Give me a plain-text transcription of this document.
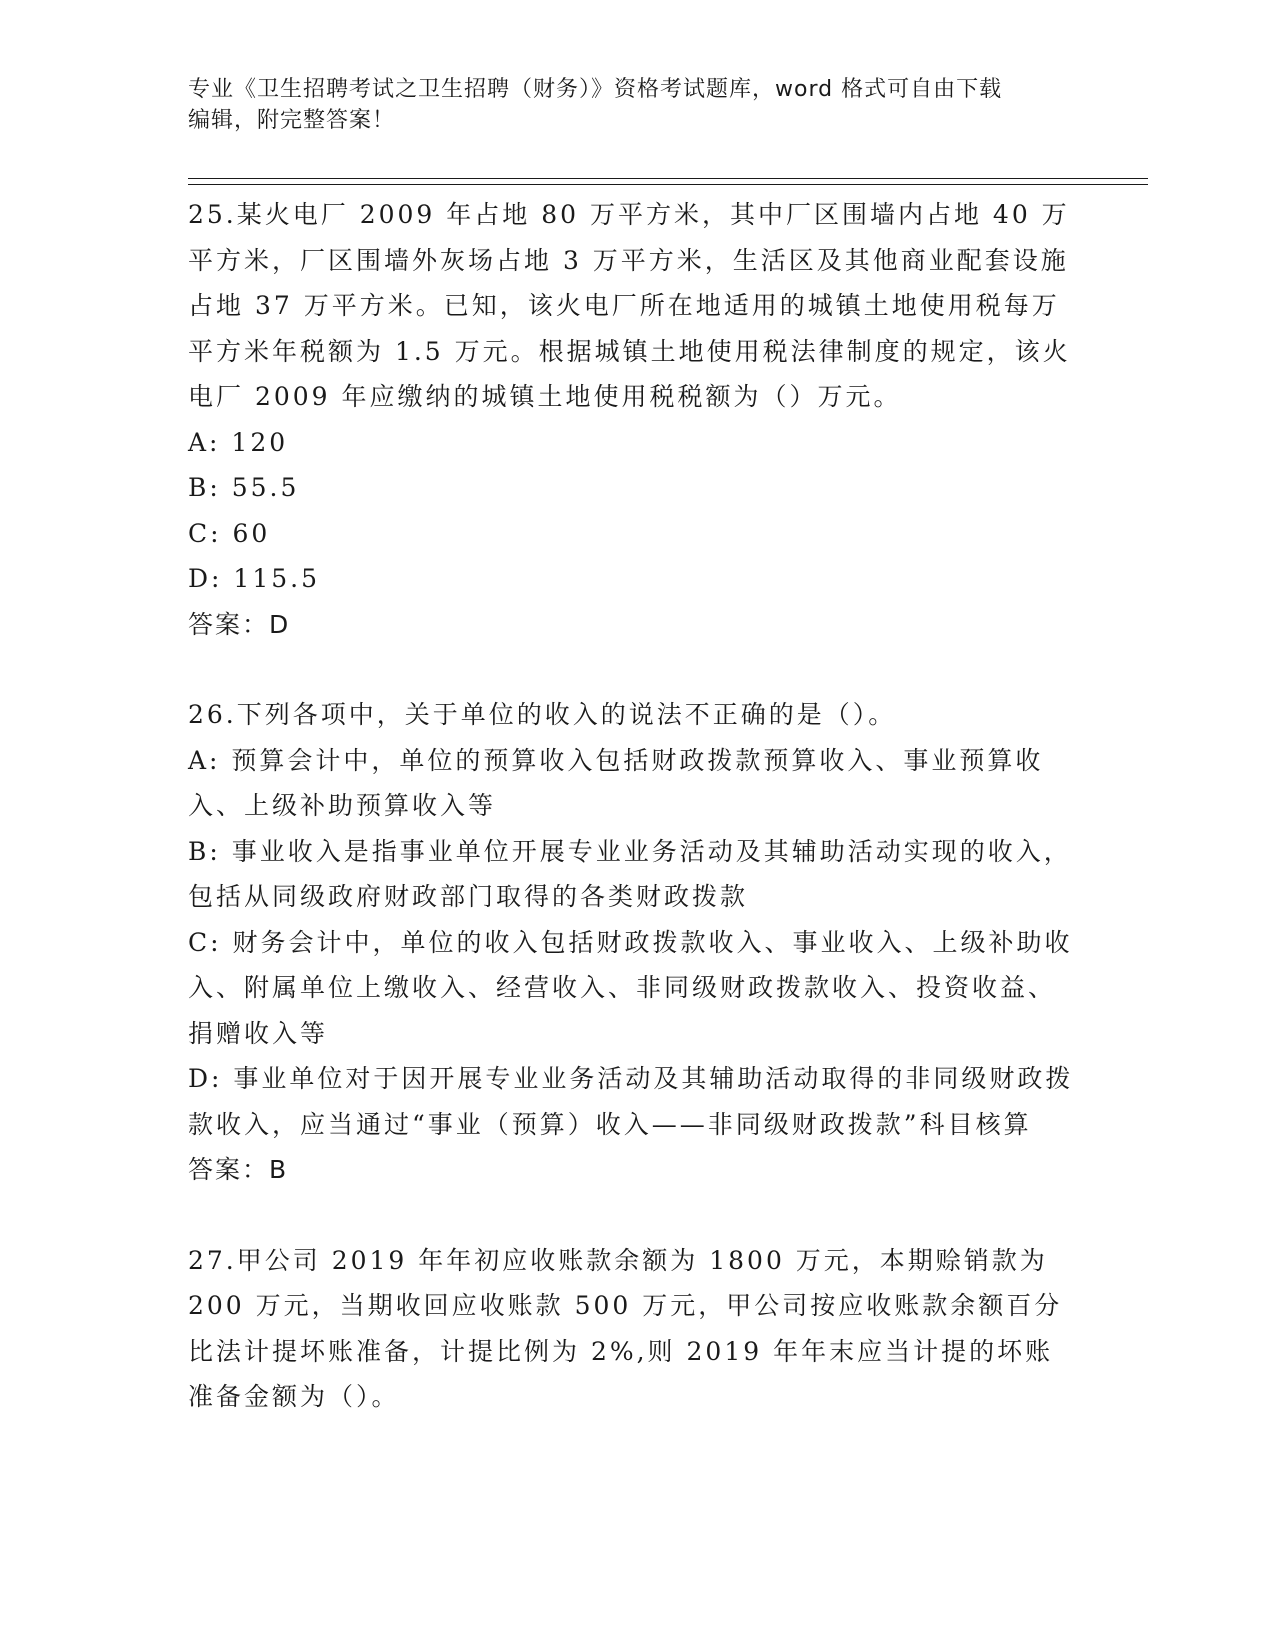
专业《卫生招聘考试之卫生招聘（财务）》资格考试题库，word 格式可自由下载
编辑，附完整答案！

25.某火电厂 2009 年占地 80 万平方米，其中厂区围墙内占地 40 万平方米，厂区围墙外灰场占地 3 万平方米，生活区及其他商业配套设施占地 37 万平方米。已知，该火电厂所在地适用的城镇土地使用税每万平方米年税额为 1.5 万元。根据城镇土地使用税法律制度的规定，该火电厂 2009 年应缴纳的城镇土地使用税税额为（）万元。

A: 120

B: 55.5

C: 60

D: 115.5

答案：D

26.下列各项中，关于单位的收入的说法不正确的是（）。

A: 预算会计中，单位的预算收入包括财政拨款预算收入、事业预算收入、上级补助预算收入等

B: 事业收入是指事业单位开展专业业务活动及其辅助活动实现的收入，包括从同级政府财政部门取得的各类财政拨款

C: 财务会计中，单位的收入包括财政拨款收入、事业收入、上级补助收入、附属单位上缴收入、经营收入、非同级财政拨款收入、投资收益、捐赠收入等

D: 事业单位对于因开展专业业务活动及其辅助活动取得的非同级财政拨款收入，应当通过“事业（预算）收入——非同级财政拨款”科目核算

答案：B

27.甲公司 2019 年年初应收账款余额为 1800 万元，本期赊销款为 200 万元，当期收回应收账款 500 万元，甲公司按应收账款余额百分比法计提坏账准备，计提比例为 2%,则 2019 年年末应当计提的坏账准备金额为（）。
